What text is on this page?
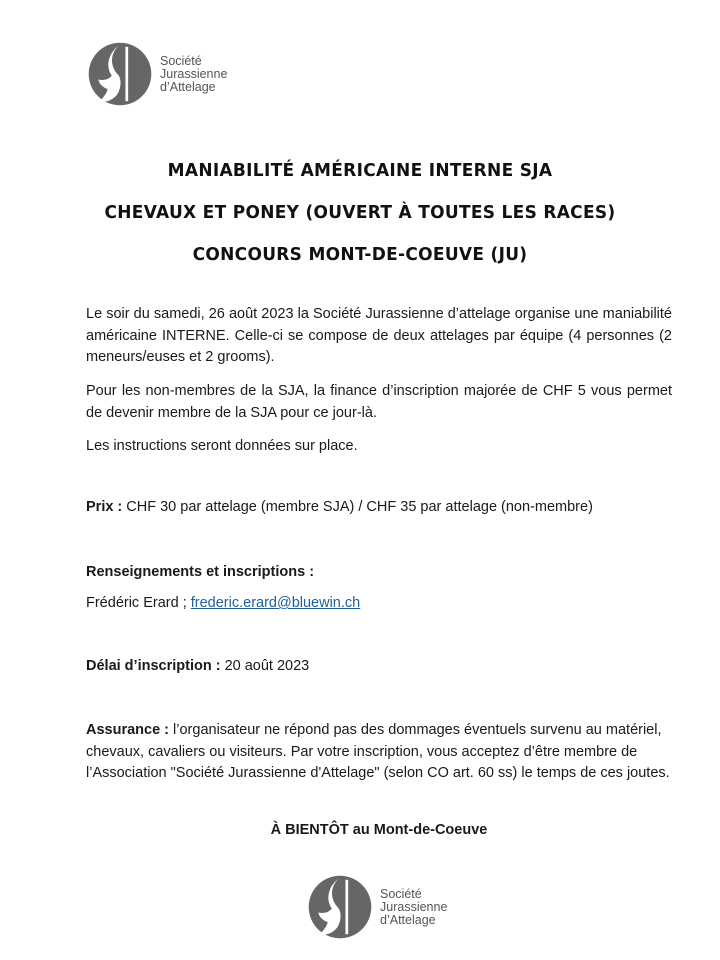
Société
Jurassienne
d’Attelage
MANIABILITÉ AMÉRICAINE INTERNE SJA
CHEVAUX ET PONEY (OUVERT À TOUTES LES RACES)
CONCOURS MONT-DE-COEUVE (JU)

Le soir du samedi, 26 août 2023 la Société Jurassienne d’attelage organise une maniabilité américaine INTERNE. Celle-ci se compose de deux attelages par équipe (4 personnes (2 meneurs/euses et 2 grooms).

Pour les non-membres de la SJA, la finance d’inscription majorée de CHF 5 vous permet de devenir membre de la SJA pour ce jour-là.

Les instructions seront données sur place.

Prix : CHF 30 par attelage (membre SJA) / CHF 35 par attelage (non-membre)

Renseignements et inscriptions :

Frédéric Erard ; frederic.erard@bluewin.ch

Délai d’inscription : 20 août 2023

Assurance : l’organisateur ne répond pas des dommages éventuels survenu au matériel, chevaux, cavaliers ou visiteurs. Par votre inscription, vous acceptez d’être membre de l’Association "Société Jurassienne d'Attelage" (selon CO art. 60 ss) le temps de ces joutes.

À BIENTÔT au Mont-de-Coeuve

Société
Jurassienne
d’Attelage
